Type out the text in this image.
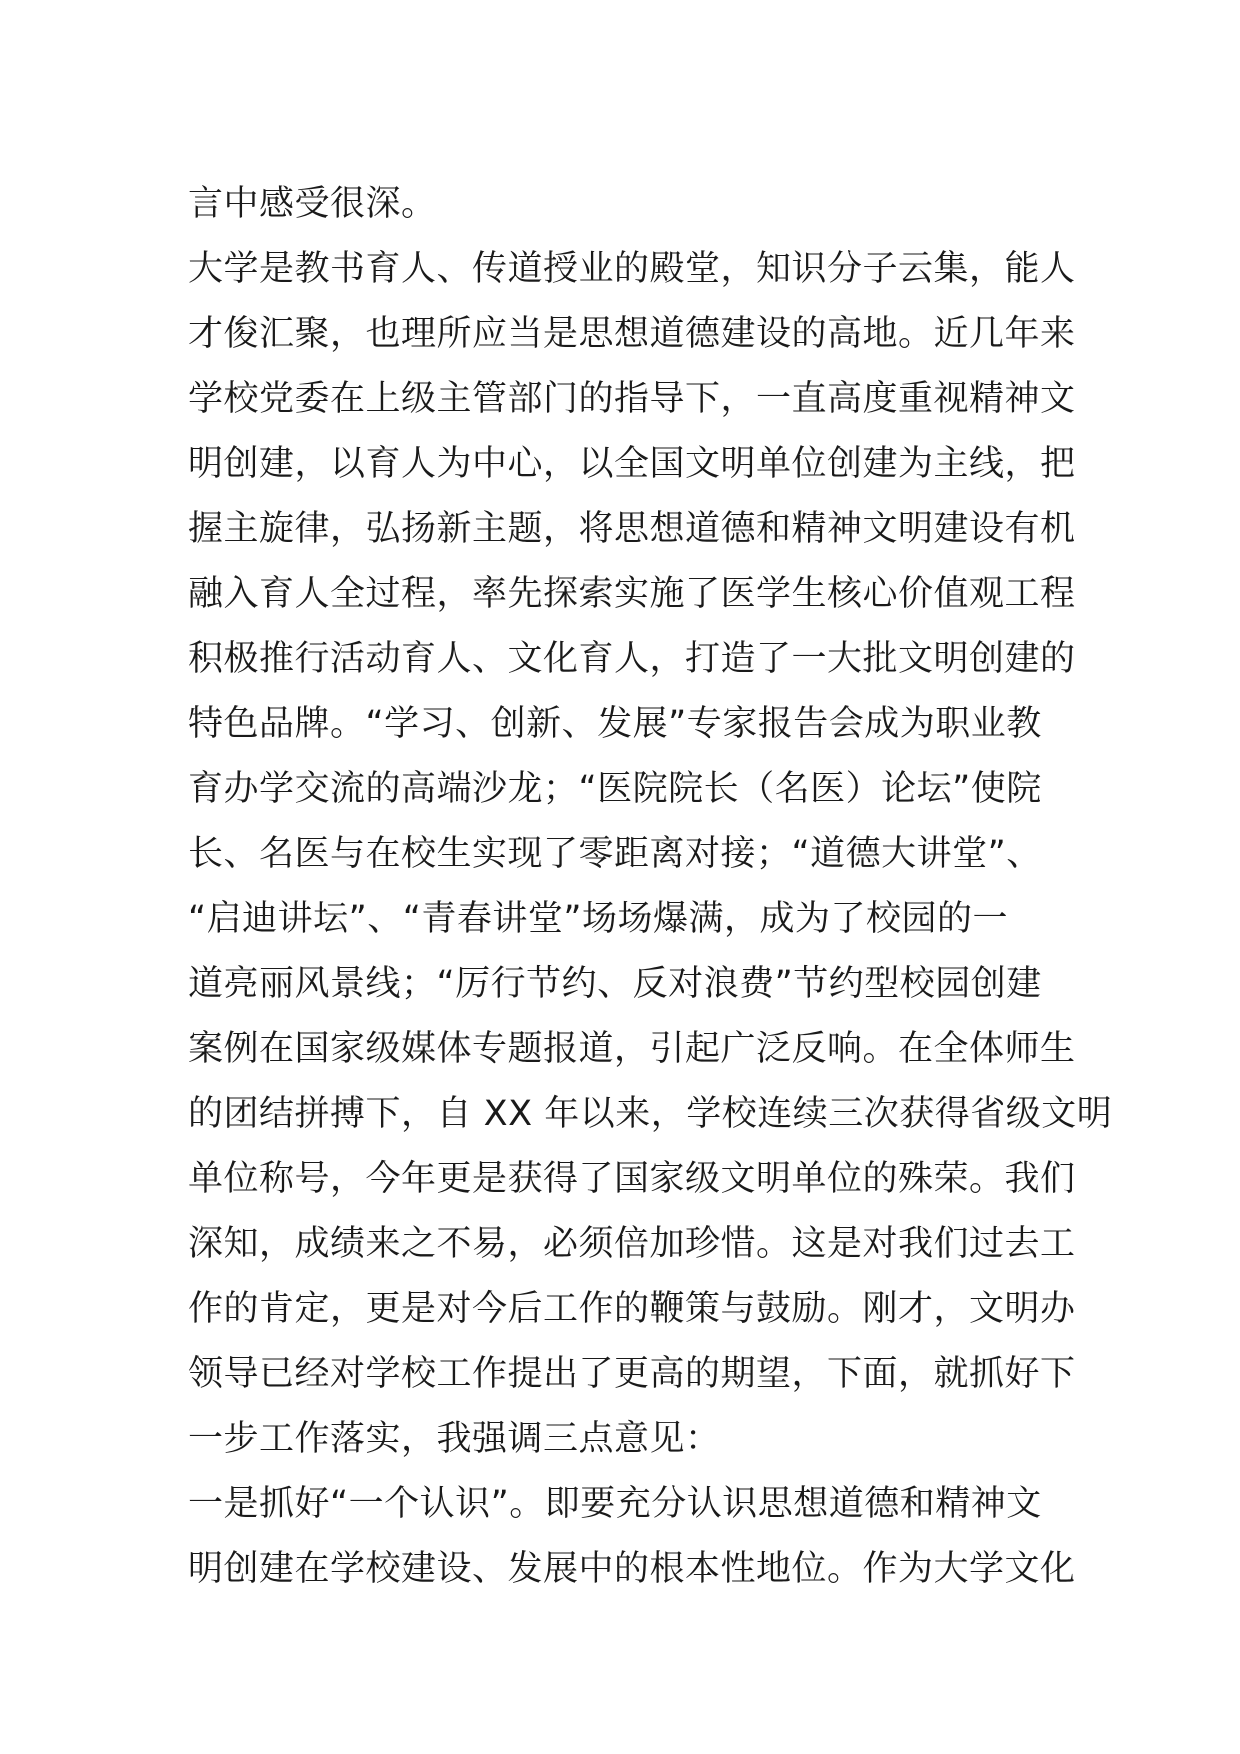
言中感受很深。
大学是教书育人、传道授业的殿堂，知识分子云集，能人
才俊汇聚，也理所应当是思想道德建设的高地。近几年来
学校党委在上级主管部门的指导下，一直高度重视精神文
明创建，以育人为中心，以全国文明单位创建为主线，把
握主旋律，弘扬新主题，将思想道德和精神文明建设有机
融入育人全过程，率先探索实施了医学生核心价值观工程
积极推行活动育人、文化育人，打造了一大批文明创建的
特色品牌。“学习、创新、发展”专家报告会成为职业教
育办学交流的高端沙龙；“医院院长（名医）论坛”使院
长、名医与在校生实现了零距离对接；“道德大讲堂”、
“启迪讲坛”、“青春讲堂”场场爆满，成为了校园的一
道亮丽风景线；“厉行节约、反对浪费”节约型校园创建
案例在国家级媒体专题报道，引起广泛反响。在全体师生
的团结拼搏下，自 XX 年以来，学校连续三次获得省级文明
单位称号，今年更是获得了国家级文明单位的殊荣。我们
深知，成绩来之不易，必须倍加珍惜。这是对我们过去工
作的肯定，更是对今后工作的鞭策与鼓励。刚才，文明办
领导已经对学校工作提出了更高的期望，下面，就抓好下
一步工作落实，我强调三点意见：
一是抓好“一个认识”。即要充分认识思想道德和精神文
明创建在学校建设、发展中的根本性地位。作为大学文化
